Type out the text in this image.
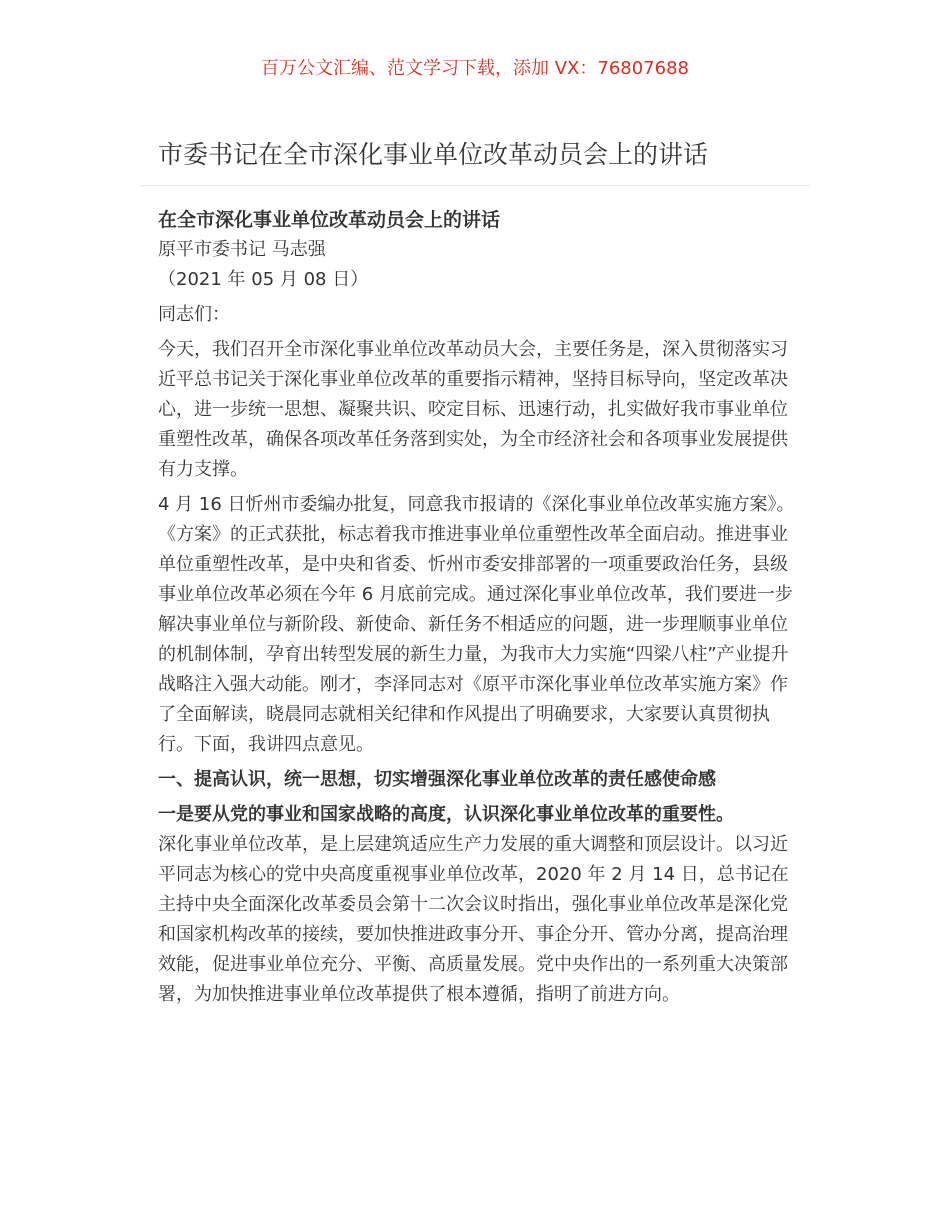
百万公文汇编、范文学习下载，添加 VX：76807688
市委书记在全市深化事业单位改革动员会上的讲话

在全市深化事业单位改革动员会上的讲话

原平市委书记 马志强

（2021 年 05 月 08 日）

同志们：

今天，我们召开全市深化事业单位改革动员大会，主要任务是，深入贯彻落实习近平总书记关于深化事业单位改革的重要指示精神，坚持目标导向，坚定改革决心，进一步统一思想、凝聚共识、咬定目标、迅速行动，扎实做好我市事业单位重塑性改革，确保各项改革任务落到实处，为全市经济社会和各项事业发展提供有力支撑。

4 月 16 日忻州市委编办批复，同意我市报请的《深化事业单位改革实施方案》。《方案》的正式获批，标志着我市推进事业单位重塑性改革全面启动。推进事业单位重塑性改革，是中央和省委、忻州市委安排部署的一项重要政治任务，县级事业单位改革必须在今年 6 月底前完成。通过深化事业单位改革，我们要进一步解决事业单位与新阶段、新使命、新任务不相适应的问题，进一步理顺事业单位的机制体制，孕育出转型发展的新生力量，为我市大力实施“四梁八柱”产业提升战略注入强大动能。刚才，李泽同志对《原平市深化事业单位改革实施方案》作了全面解读，晓晨同志就相关纪律和作风提出了明确要求，大家要认真贯彻执行。下面，我讲四点意见。

一、提高认识，统一思想，切实增强深化事业单位改革的责任感使命感

一是要从党的事业和国家战略的高度，认识深化事业单位改革的重要性。

深化事业单位改革，是上层建筑适应生产力发展的重大调整和顶层设计。以习近平同志为核心的党中央高度重视事业单位改革，2020 年 2 月 14 日，总书记在主持中央全面深化改革委员会第十二次会议时指出，强化事业单位改革是深化党和国家机构改革的接续，要加快推进政事分开、事企分开、管办分离，提高治理效能，促进事业单位充分、平衡、高质量发展。党中央作出的一系列重大决策部署，为加快推进事业单位改革提供了根本遵循，指明了前进方向。
